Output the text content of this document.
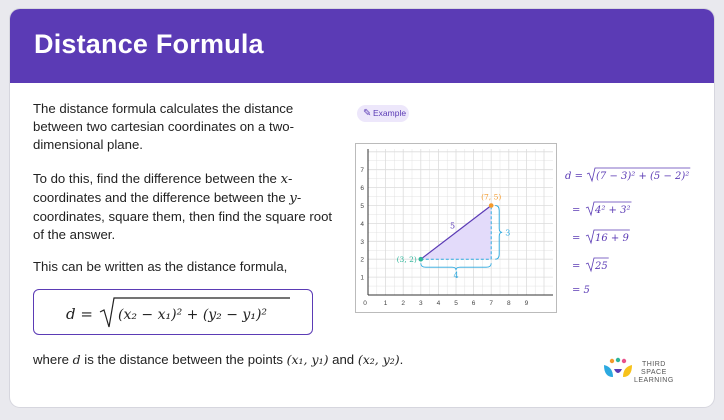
Distance Formula

The distance formula calculates the distance between two cartesian coordinates on a two-dimensional plane.

To do this, find the difference between the x-coordinates and the difference between the y-coordinates, square them, then find the square root of the answer.

This can be written as the distance formula,

d = (x₂ − x₁)² + (y₂ − y₁)²
where d is the distance between the points (x₁, y₁) and (x₂, y₂).
✎ Example
0	1 2 3 4 5 6 7 8 9
1
2
3
4
5
6
7
4
3
5
(3, 2)
(7, 5)
d = (7 − 3)² + (5 − 2)²
= 4² + 3²
= 16 + 9
= 25
= 5
THIRD SPACE
LEARNING
